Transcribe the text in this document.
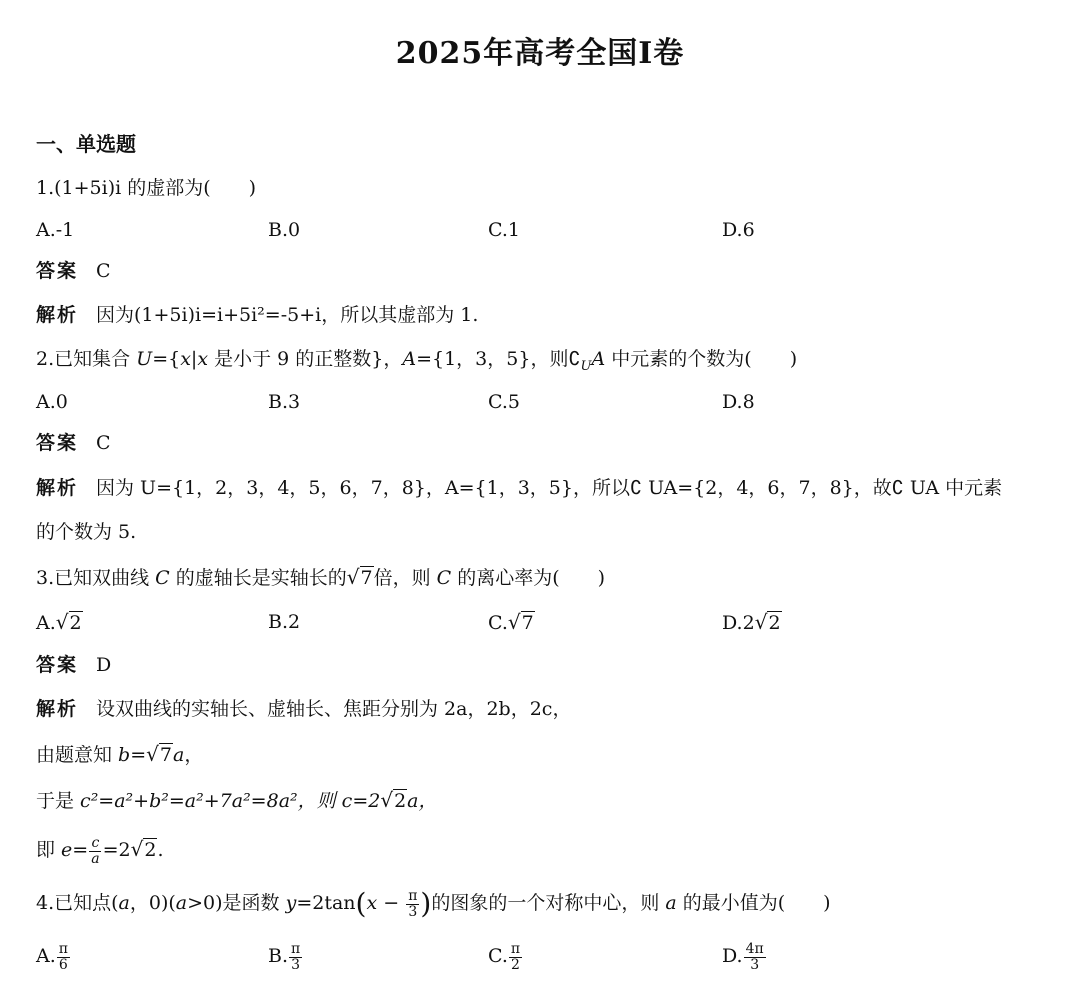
2025年高考全国I卷
一、单选题
1.(1+5i)i 的虚部为(　　)
A.-1	B.0	C.1	D.6
答案 C
解析 因为(1+5i)i=i+5i²=-5+i，所以其虚部为 1.
2.已知集合 U={x|x 是小于 9 的正整数}，A={1，3，5}，则$∁_UA$ 中元素的个数为(　　)
A.0	B.3	C.5	D.8
答案 C
解析 因为 U={1，2，3，4，5，6，7，8}，A={1，3，5}，所以∁ UA={2，4，6，7，8}，故∁ UA 中元素
的个数为 5.
3.已知双曲线 C 的虚轴长是实轴长的√7倍，则 C 的离心率为(　　)
A.√2	B.2	C.√7	D.2√2
答案 D
解析 设双曲线的实轴长、虚轴长、焦距分别为 2a，2b，2c，
由题意知 b=√7a，
于是 c²=a²+b²=a²+7a²=8a²，则 c=2√2a，
即 $e= \frac{c}{a} =2√2$.
4.已知点(a，0)(a>0)是函数 $y=2\tan(x - \frac{\pi}{3}$ )的图象的一个对称中心，则 a 的最小值为(　　)
A. $\frac{\pi}{6}$	B. $\frac{\pi}{3}$	C. $\frac{\pi}{2}$	D. $\frac{4\pi}{3}$
